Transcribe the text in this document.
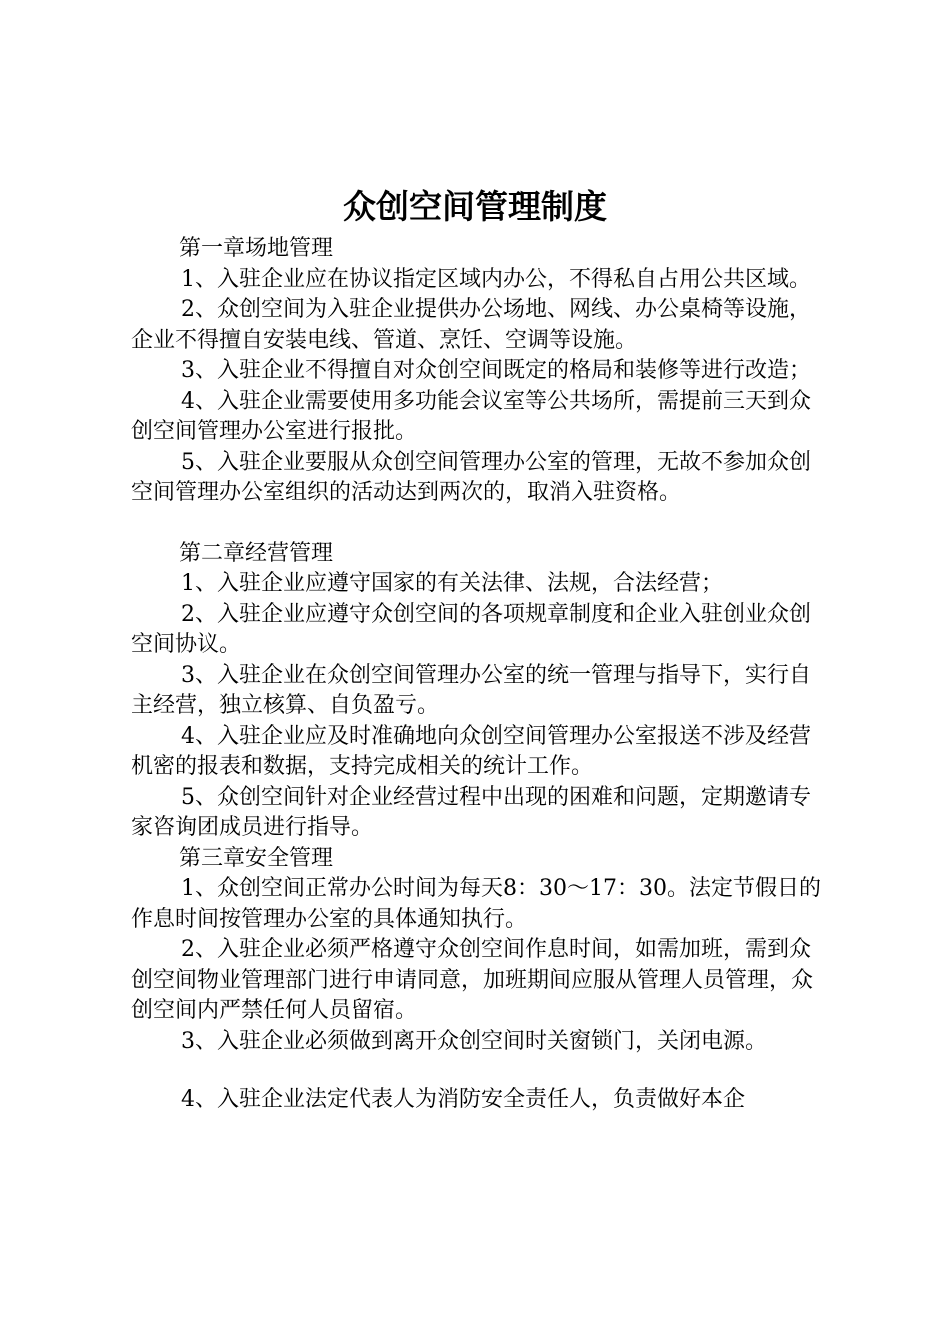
众创空间管理制度

第一章场地管理

1、入驻企业应在协议指定区域内办公，不得私自占用公共区域。

2、众创空间为入驻企业提供办公场地、网线、办公桌椅等设施，企业不得擅自安装电线、管道、烹饪、空调等设施。

3、入驻企业不得擅自对众创空间既定的格局和装修等进行改造；

4、入驻企业需要使用多功能会议室等公共场所，需提前三天到众创空间管理办公室进行报批。

5、入驻企业要服从众创空间管理办公室的管理，无故不参加众创空间管理办公室组织的活动达到两次的，取消入驻资格。

第二章经营管理

1、入驻企业应遵守国家的有关法律、法规，合法经营；

2、入驻企业应遵守众创空间的各项规章制度和企业入驻创业众创空间协议。

3、入驻企业在众创空间管理办公室的统一管理与指导下，实行自主经营，独立核算、自负盈亏。

4、入驻企业应及时准确地向众创空间管理办公室报送不涉及经营机密的报表和数据，支持完成相关的统计工作。

5、众创空间针对企业经营过程中出现的困难和问题，定期邀请专家咨询团成员进行指导。

第三章安全管理

1、众创空间正常办公时间为每天8：30～17：30。法定节假日的作息时间按管理办公室的具体通知执行。

2、入驻企业必须严格遵守众创空间作息时间，如需加班，需到众创空间物业管理部门进行申请同意，加班期间应服从管理人员管理，众创空间内严禁任何人员留宿。

3、入驻企业必须做到离开众创空间时关窗锁门，关闭电源。

4、入驻企业法定代表人为消防安全责任人，负责做好本企
